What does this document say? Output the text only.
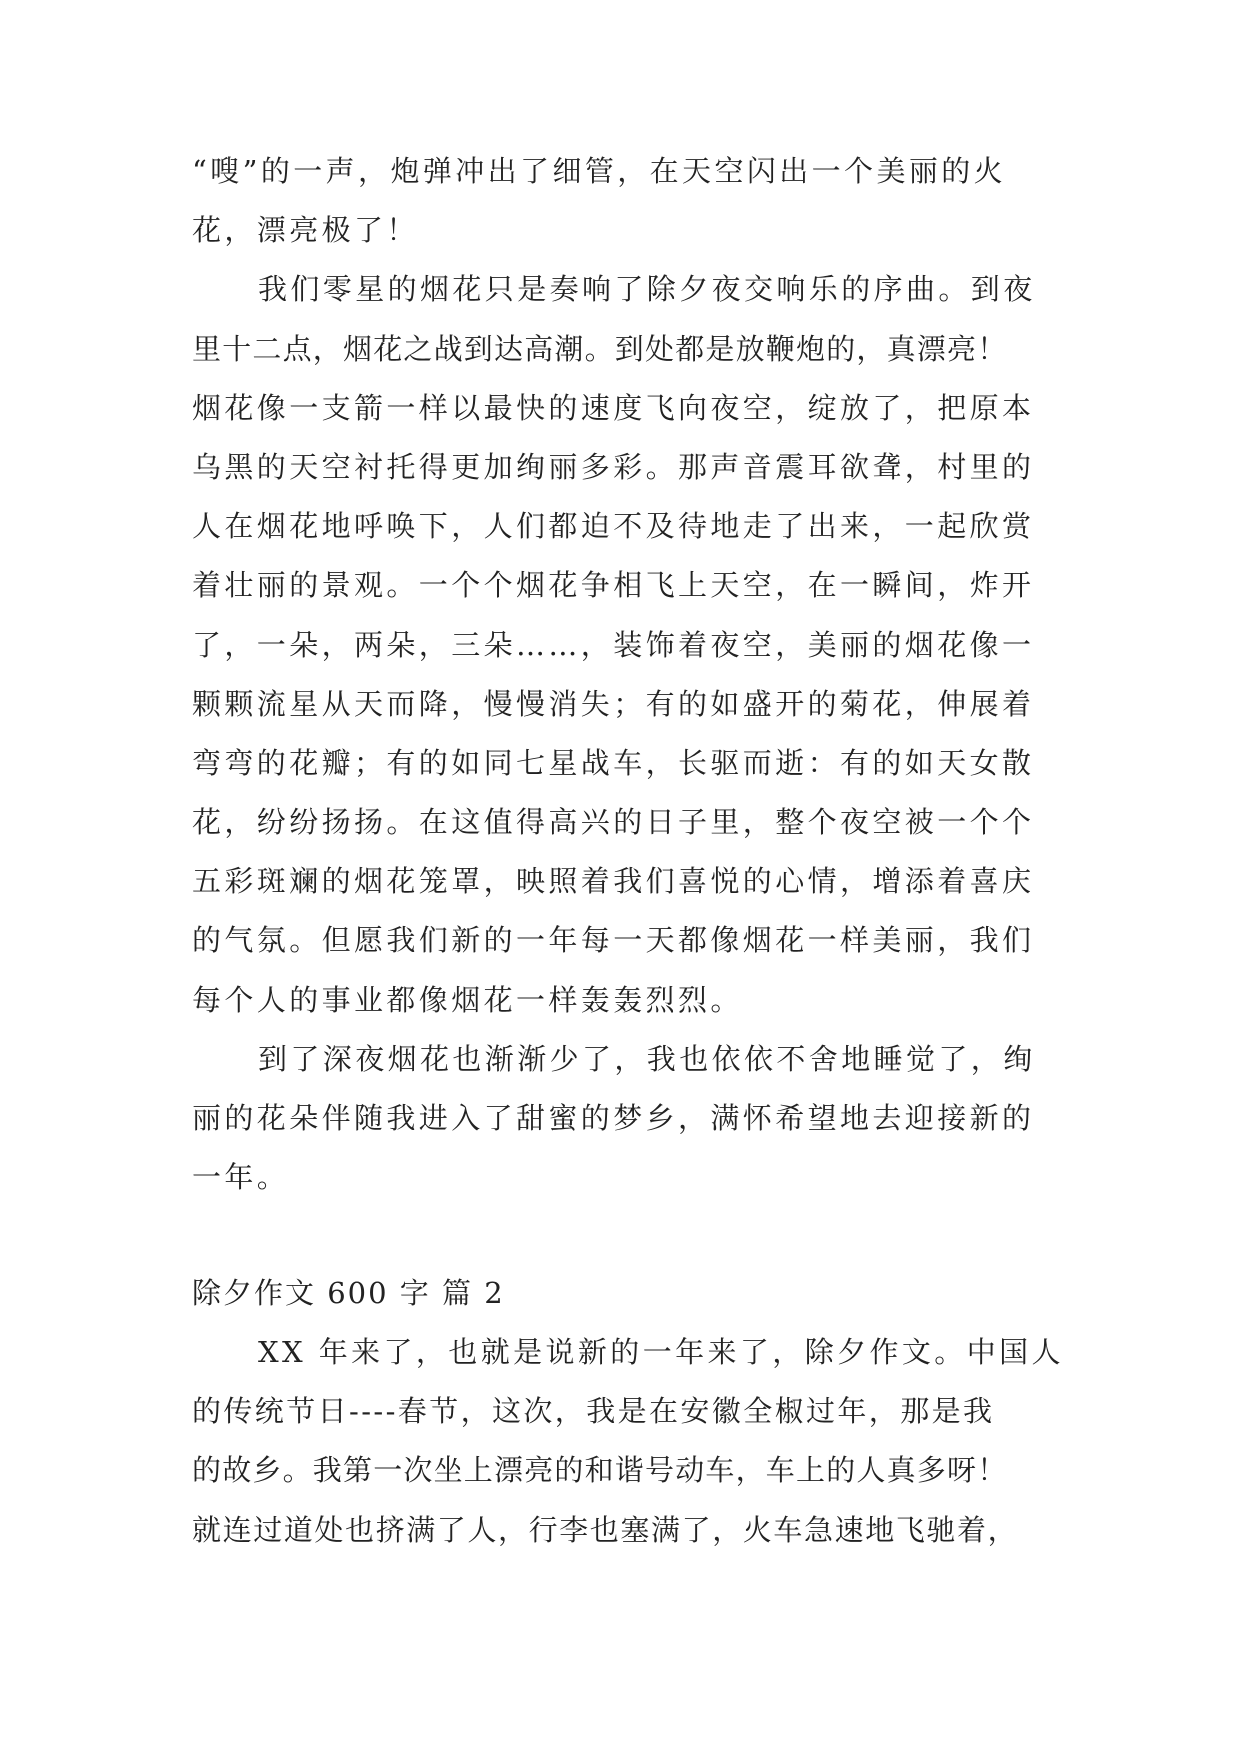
“嗖”的一声，炮弹冲出了细管，在天空闪出一个美丽的火
花，漂亮极了！
我们零星的烟花只是奏响了除夕夜交响乐的序曲。到夜
里十二点，烟花之战到达高潮。到处都是放鞭炮的，真漂亮！
烟花像一支箭一样以最快的速度飞向夜空，绽放了，把原本
乌黑的天空衬托得更加绚丽多彩。那声音震耳欲聋，村里的
人在烟花地呼唤下，人们都迫不及待地走了出来，一起欣赏
着壮丽的景观。一个个烟花争相飞上天空，在一瞬间，炸开
了，一朵，两朵，三朵……，装饰着夜空，美丽的烟花像一
颗颗流星从天而降，慢慢消失；有的如盛开的菊花，伸展着
弯弯的花瓣；有的如同七星战车，长驱而逝：有的如天女散
花，纷纷扬扬。在这值得高兴的日子里，整个夜空被一个个
五彩斑斓的烟花笼罩，映照着我们喜悦的心情，增添着喜庆
的气氛。但愿我们新的一年每一天都像烟花一样美丽，我们
每个人的事业都像烟花一样轰轰烈烈。
到了深夜烟花也渐渐少了，我也依依不舍地睡觉了，绚
丽的花朵伴随我进入了甜蜜的梦乡，满怀希望地去迎接新的
一年。
除夕作文 600 字 篇 2
XX 年来了，也就是说新的一年来了，除夕作文。中国人
的传统节日----春节，这次，我是在安徽全椒过年，那是我
的故乡。我第一次坐上漂亮的和谐号动车，车上的人真多呀！
就连过道处也挤满了人，行李也塞满了，火车急速地飞驰着，
